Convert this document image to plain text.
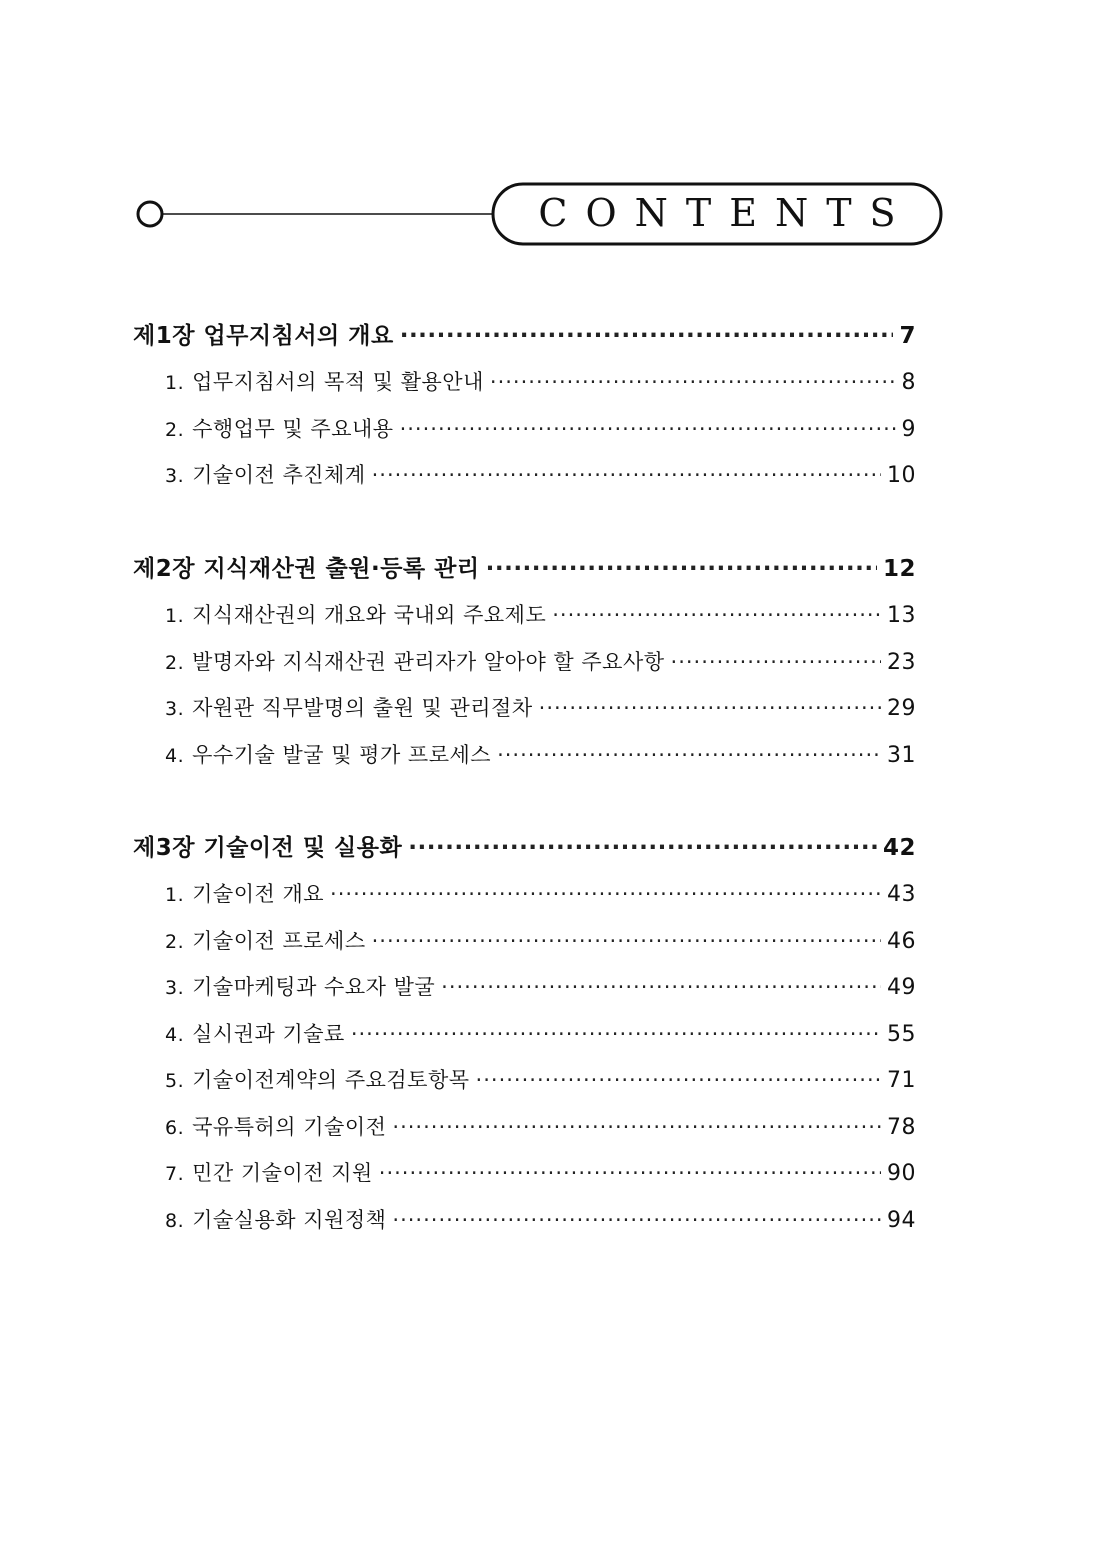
CONTENTS
제1장 업무지침서의 개요 ·····	7
1. 업무지침서의 목적 및 활용안내 ·····	8
2. 수행업무 및 주요내용 ·····	9
3. 기술이전 추진체계 ·····	10
제2장 지식재산권 출원·등록 관리 ·····	12
1. 지식재산권의 개요와 국내외 주요제도 ·····	13
2. 발명자와 지식재산권 관리자가 알아야 할 주요사항 ·····	23
3. 자원관 직무발명의 출원 및 관리절차 ·····	29
4. 우수기술 발굴 및 평가 프로세스 ·····	31
제3장 기술이전 및 실용화 ·····	42
1. 기술이전 개요 ·····	43
2. 기술이전 프로세스 ·····	46
3. 기술마케팅과 수요자 발굴 ·····	49
4. 실시권과 기술료 ·····	55
5. 기술이전계약의 주요검토항목 ·····	71
6. 국유특허의 기술이전 ·····	78
7. 민간 기술이전 지원 ·····	90
8. 기술실용화 지원정책 ·····	94
